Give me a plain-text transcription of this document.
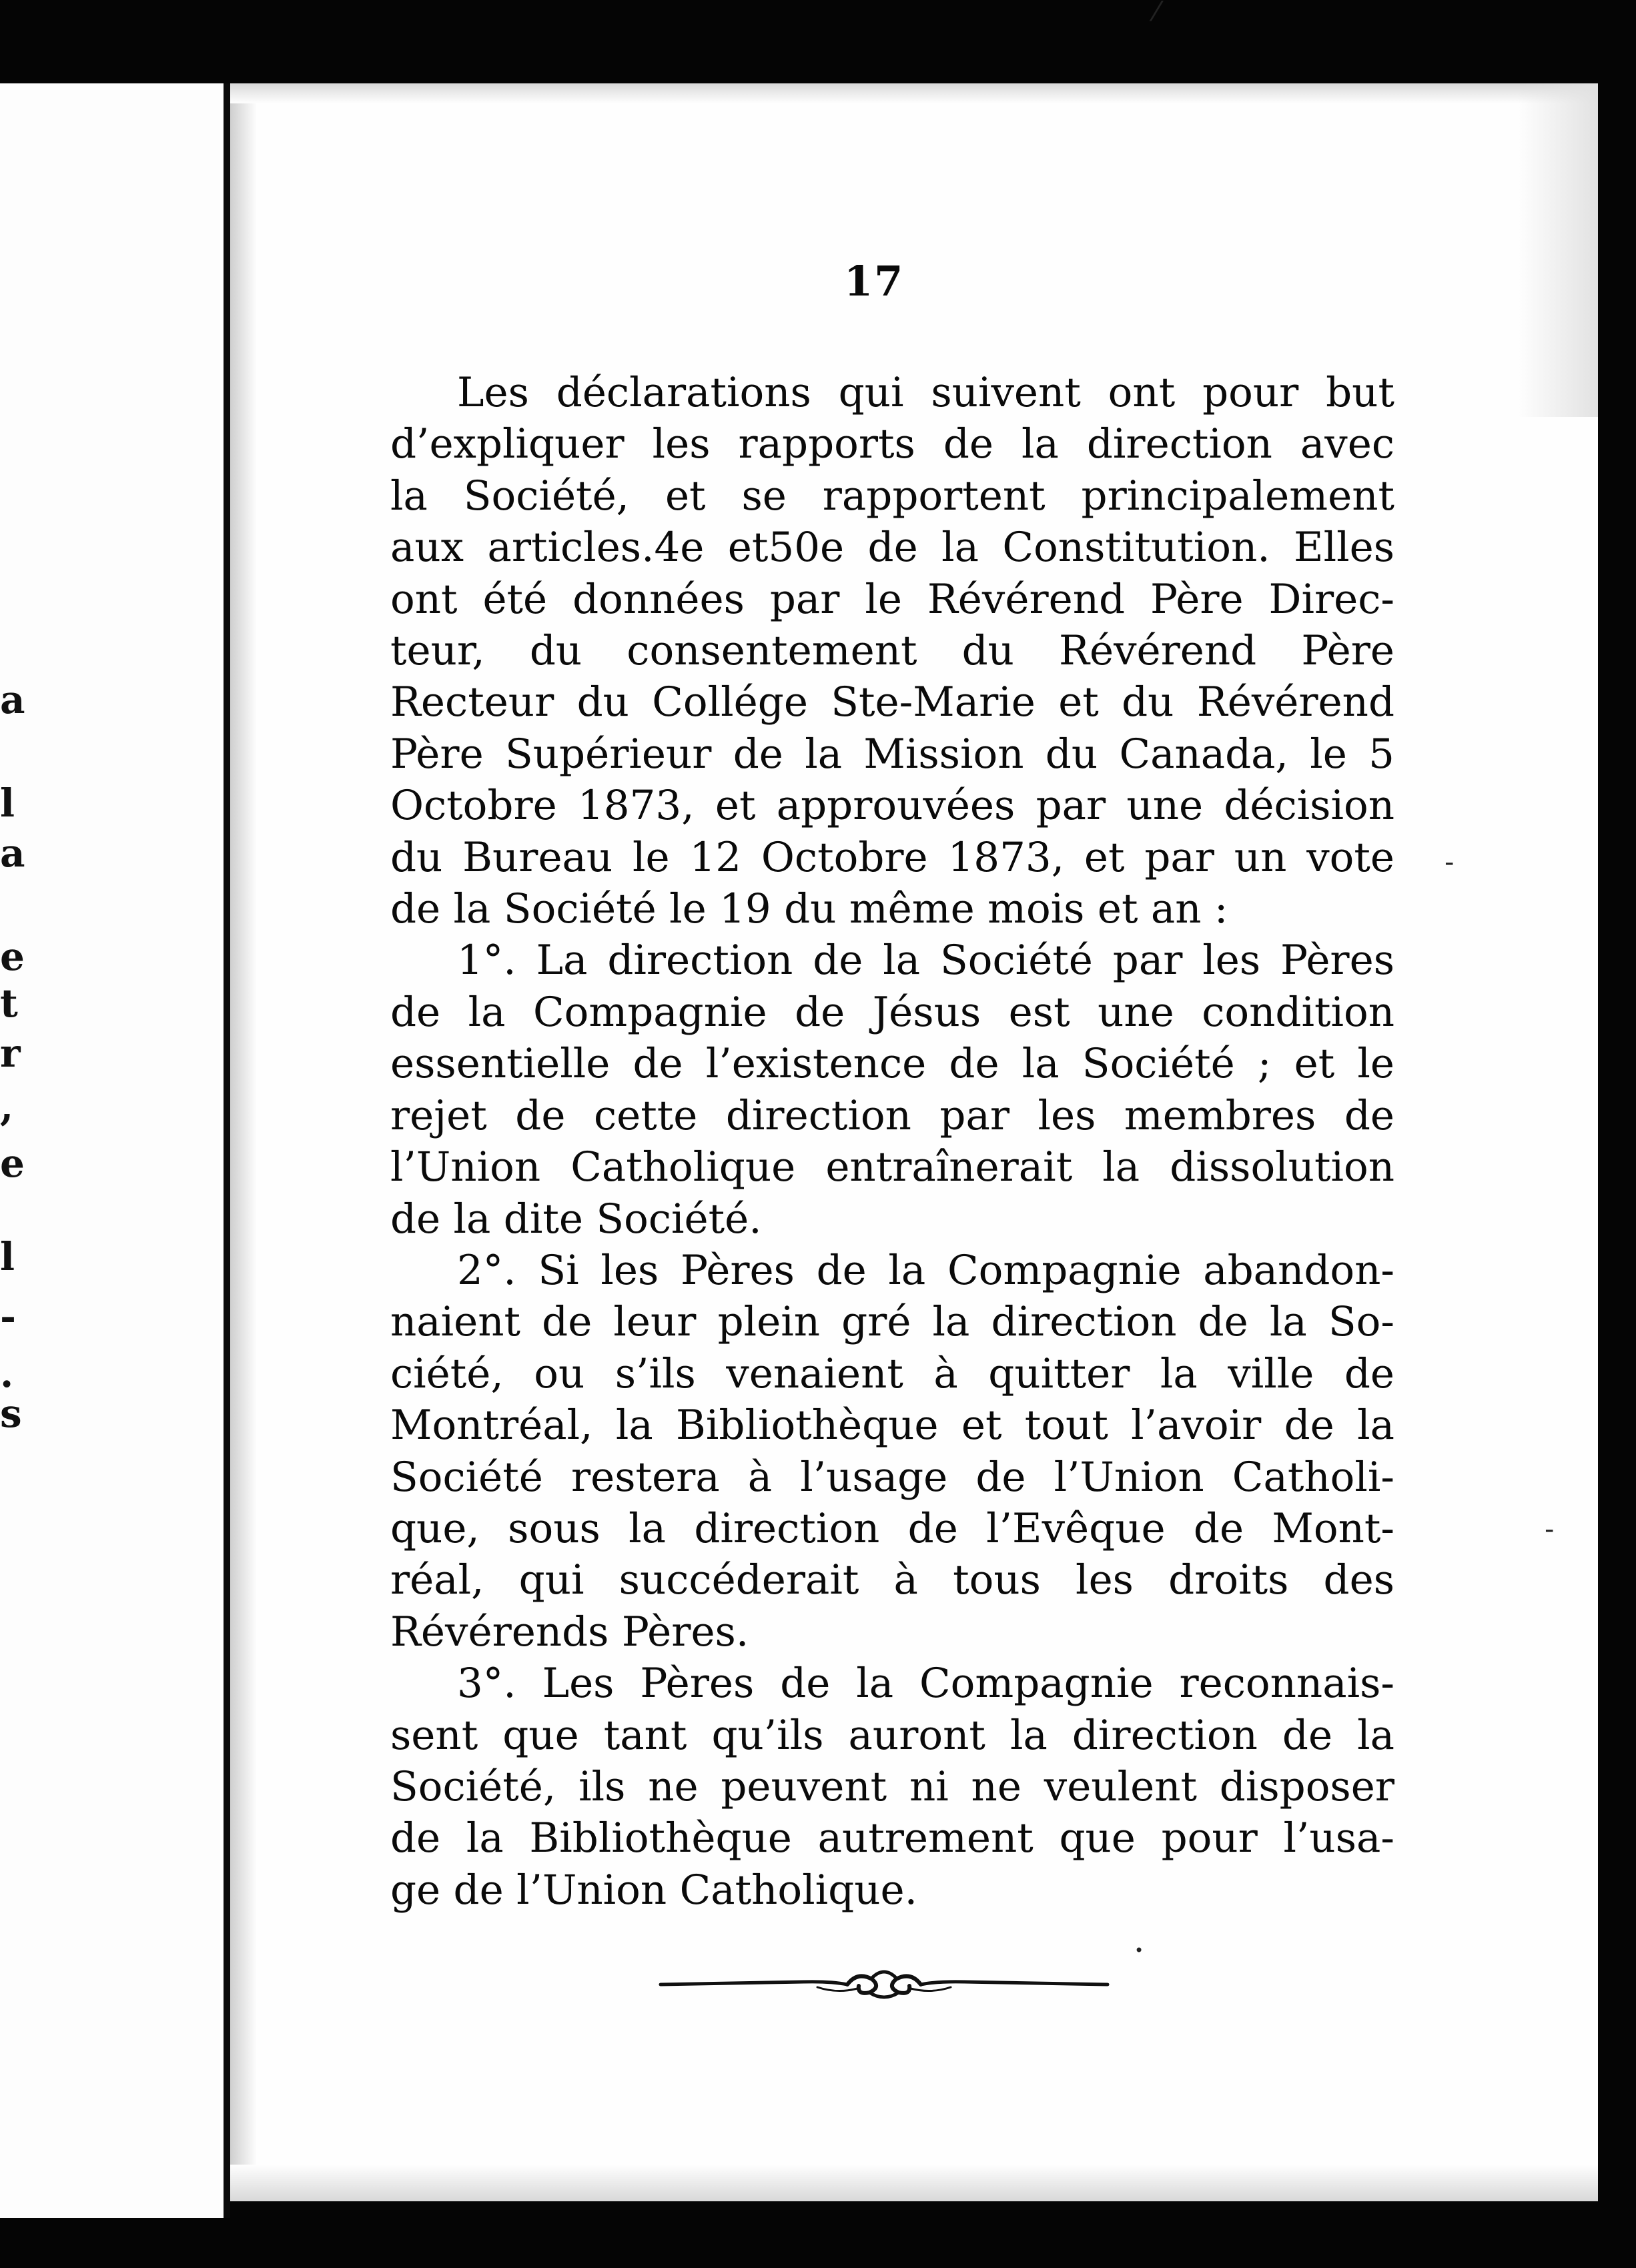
a
l
a
e
t
r
,
e
l
-
.
s
17
Les déclarations qui suivent ont pour but
d’expliquer les rapports de la direction avec
la Société, et se rapportent principalement
aux articles.4e et50e de la Constitution. Elles
ont été données par le Révérend Père Direc-
teur, du consentement du Révérend Père
Recteur du Collége Ste-Marie et du Révérend
Père Supérieur de la Mission du Canada, le 5
Octobre 1873, et approuvées par une décision
du Bureau le 12 Octobre 1873, et par un vote
de la Société le 19 du même mois et an :
1°. La direction de la Société par les Pères
de la Compagnie de Jésus est une condition
essentielle de l’existence de la Société ; et le
rejet de cette direction par les membres de
l’Union Catholique entraînerait la dissolution
de la dite Société.
2°. Si les Pères de la Compagnie abandon-
naient de leur plein gré la direction de la So-
ciété, ou s’ils venaient à quitter la ville de
Montréal, la Bibliothèque et tout l’avoir de la
Société restera à l’usage de l’Union Catholi-
que, sous la direction de l’Evêque de Mont-
réal, qui succéderait à tous les droits des
Révérends Pères.
3°. Les Pères de la Compagnie reconnais-
sent que tant qu’ils auront la direction de la
Société, ils ne peuvent ni ne veulent disposer
de la Bibliothèque autrement que pour l’usa-
ge de l’Union Catholique.
⁄
-
-
•
